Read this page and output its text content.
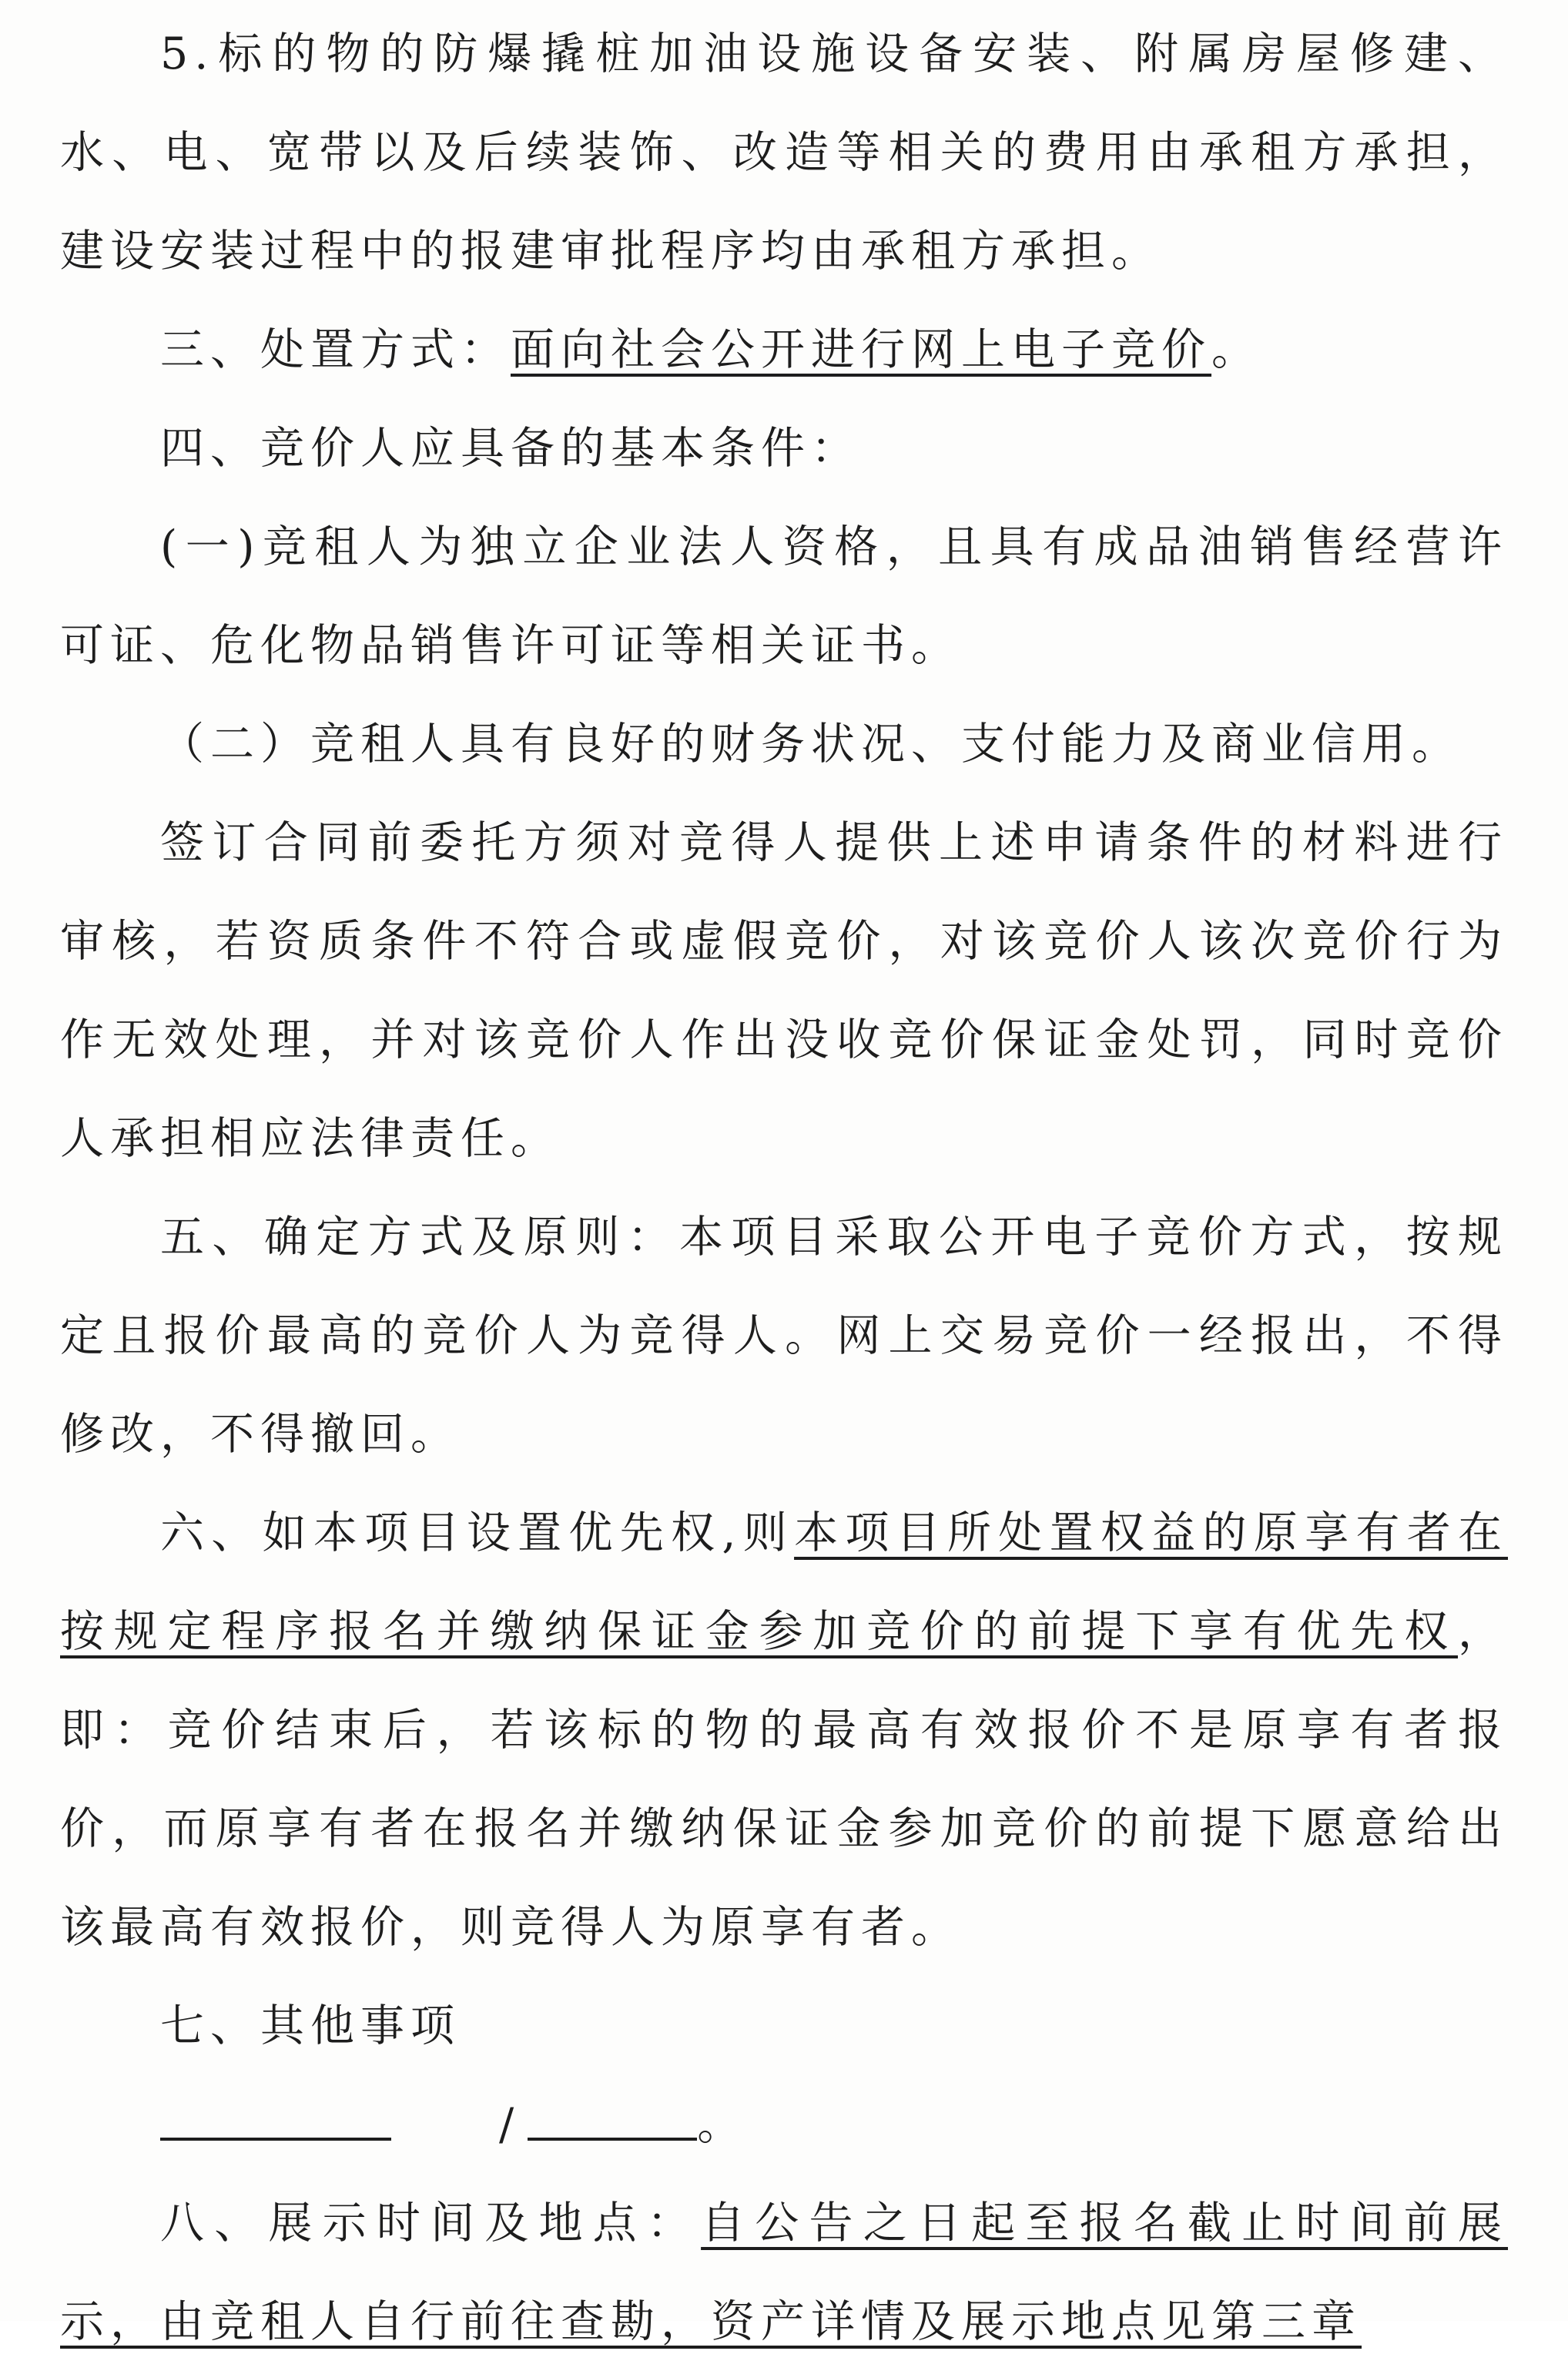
5.标的物的防爆撬桩加油设施设备安装、附属房屋修建、水、电、宽带以及后续装饰、改造等相关的费用由承租方承担，建设安装过程中的报建审批程序均由承租方承担。

三、处置方式：面向社会公开进行网上电子竞价。

四、竞价人应具备的基本条件：

(一)竞租人为独立企业法人资格，且具有成品油销售经营许可证、危化物品销售许可证等相关证书。

（二）竞租人具有良好的财务状况、支付能力及商业信用。

签订合同前委托方须对竞得人提供上述申请条件的材料进行审核，若资质条件不符合或虚假竞价，对该竞价人该次竞价行为作无效处理，并对该竞价人作出没收竞价保证金处罚，同时竞价人承担相应法律责任。

五、确定方式及原则：本项目采取公开电子竞价方式，按规定且报价最高的竞价人为竞得人。网上交易竞价一经报出，不得修改，不得撤回。

六、如本项目设置优先权,则本项目所处置权益的原享有者在按规定程序报名并缴纳保证金参加竞价的前提下享有优先权，即：竞价结束后，若该标的物的最高有效报价不是原享有者报价，而原享有者在报名并缴纳保证金参加竞价的前提下愿意给出该最高有效报价，则竞得人为原享有者。

七、其他事项

/	。

八、展示时间及地点：自公告之日起至报名截止时间前展示，由竞租人自行前往查勘，资产详情及展示地点见第三章
